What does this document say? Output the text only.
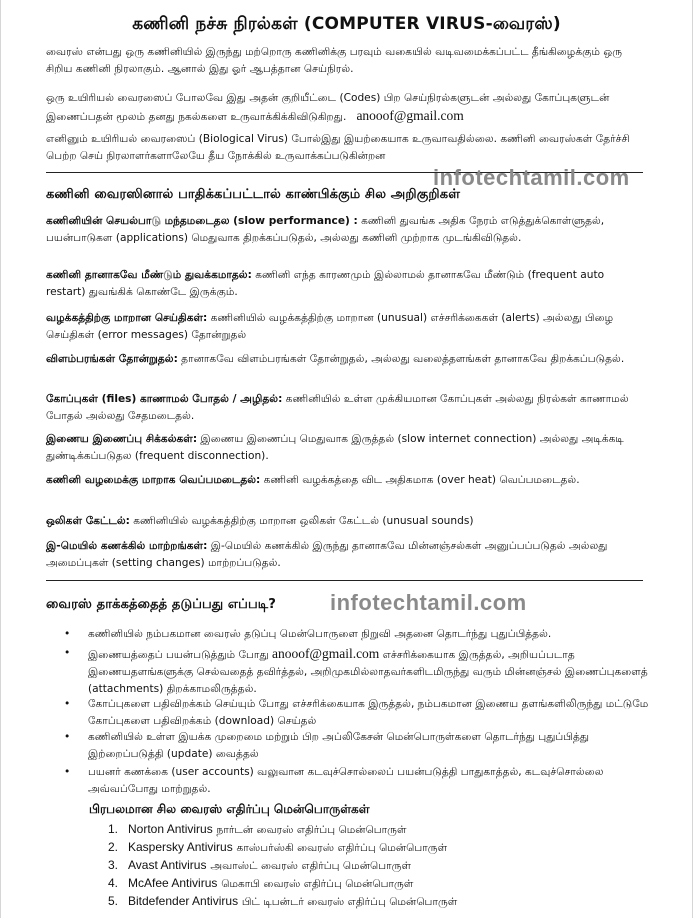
கணினி நச்சு நிரல்கள் (COMPUTER VIRUS-வைரஸ்)

வைரஸ் என்பது ஒரு கணினியில் இருந்து மற்றொரு கணினிக்கு பரவும் வகையில் வடிவமைக்கப்பட்ட தீங்கிழைக்கும் ஒரு சிறிய கணினி நிரலாகும். ஆனால் இது ஓர் ஆபத்தான செய்நிரல்.

ஒரு உயிரியல் வைரஸைப் போலவே இது அதன் குறியீட்டை (Codes) பிற செய்நிரல்களுடன் அல்லது கோப்புகளுடன் இணைப்பதன் மூலம் தனது நகல்களை உருவாக்கிக்கிவிடுகிறது. anooof@gmail.com

எனினும் உயிரியல் வைரஸைப் (Biological Virus) போல்இது இயற்கையாக உருவாவதில்லை. கணினி வைரஸ்கள் தேர்ச்சி பெற்ற செய் நிரலாளர்களாலேயே தீய நோக்கில் உருவாக்கப்படுகின்றன

infotechtamil.com

கணினி வைரஸினால் பாதிக்கப்பட்டால் காண்பிக்கும் சில அறிகுறிகள்

கணினியின் செயல்பாடு மந்தமடைதல (slow performance) : கணினி துவங்க அதிக நேரம் எடுத்துக்கொள்ளுதல், பயன்பாடுகள (applications) மெதுவாக திறக்கப்படுதல், அல்லது கணினி முற்றாக முடங்கிவிடுதல்.

கணினி தானாகவே மீண்டும் துவக்கமாதல்: கணினி எந்த காரணமும் இல்லாமல் தானாகவே மீண்டும் (frequent auto restart) துவங்கிக் கொண்டே இருக்கும்.

வழக்கத்திற்கு மாறான செய்திகள்: கணினியில் வழக்கத்திற்கு மாறான (unusual) எச்சரிக்கைகள் (alerts) அல்லது பிழை செய்திகள் (error messages) தோன்றுதல்

விளம்பரங்கள் தோன்றுதல்: தானாகவே விளம்பரங்கள் தோன்றுதல், அல்லது வலைத்தளங்கள் தானாகவே திறக்கப்படுதல்.

கோப்புகள் (files) காணாமல் போதல் / அழிதல்: கணினியில் உள்ள முக்கியமான கோப்புகள் அல்லது நிரல்கள் காணாமல் போதல் அல்லது சேதமடைதல்.

இணைய இணைப்பு சிக்கல்கள்: இணைய இணைப்பு மெதுவாக இருத்தல் (slow internet connection) அல்லது அடிக்கடி துண்டிக்கப்படுதல (frequent disconnection).

கணினி வழமைக்கு மாறாக வெப்பமடைதல்: கணினி வழக்கத்தை விட அதிகமாக (over heat) வெப்பமடைதல்.

ஒலிகள் கேட்டல்: கணினியில் வழக்கத்திற்கு மாறான ஒலிகள் கேட்டல் (unusual sounds)

இ-மெயில் கணக்கில் மாற்றங்கள்: இ-மெயில் கணக்கில் இருந்து தானாகவே மின்னஞ்சல்கள் அனுப்பப்படுதல் அல்லது அமைப்புகள் (setting changes) மாற்றப்படுதல்.

வைரஸ் தாக்கத்தைத் தடுப்பது எப்படி?	infotechtamil.com
• கணினியில் நம்பகமான வைரஸ் தடுப்பு மென்பொருளை நிறுவி அதனை தொடர்ந்து புதுப்பித்தல்.

• இணையத்தைப் பயன்படுத்தும் போது anooof@gmail.com எச்சரிக்கையாக இருத்தல், அறியப்படாத இணையதளங்களுக்கு செல்வதைத் தவிர்த்தல், அறிமுகமில்லாதவர்களிடமிருந்து வரும் மின்னஞ்சல் இணைப்புகளைத் (attachments) திறக்காமலிருத்தல்.

• கோப்புகளை பதிவிறக்கம் செய்யும் போது எச்சரிக்கையாக இருத்தல், நம்பகமான இணைய தளங்களிலிருந்து மட்டுமே கோப்புகளை பதிவிறக்கம் (download) செய்தல்

• கணினியில் உள்ள இயக்க முறைமை மற்றும் பிற அப்லிகேசன் மென்பொருள்களை தொடர்ந்து புதுப்பித்து இற்றைப்படுத்தி (update) வைத்தல்

• பயனர் கணக்கை (user accounts) வலுவான கடவுச்சொல்லைப் பயன்படுத்தி பாதுகாத்தல், கடவுச்சொல்லை அவ்வப்போது மாற்றுதல்.

பிரபலமான சில வைரஸ் எதிர்ப்பு மென்பொருள்கள்

1. Norton Antivirus நார்டன் வைரஸ் எதிர்ப்பு மென்பொருள்
2. Kaspersky Antivirus காஸ்பர்ஸ்கி வைரஸ் எதிர்ப்பு மென்பொருள்
3. Avast Antivirus அவாஸ்ட் வைரஸ் எதிர்ப்பு மென்பொருள்
4. McAfee Antivirus மெகாபி வைரஸ் எதிர்ப்பு மென்பொருள்
5. Bitdefender Antivirus பிட் டிபன்டர் வைரஸ் எதிர்ப்பு மென்பொருள்
